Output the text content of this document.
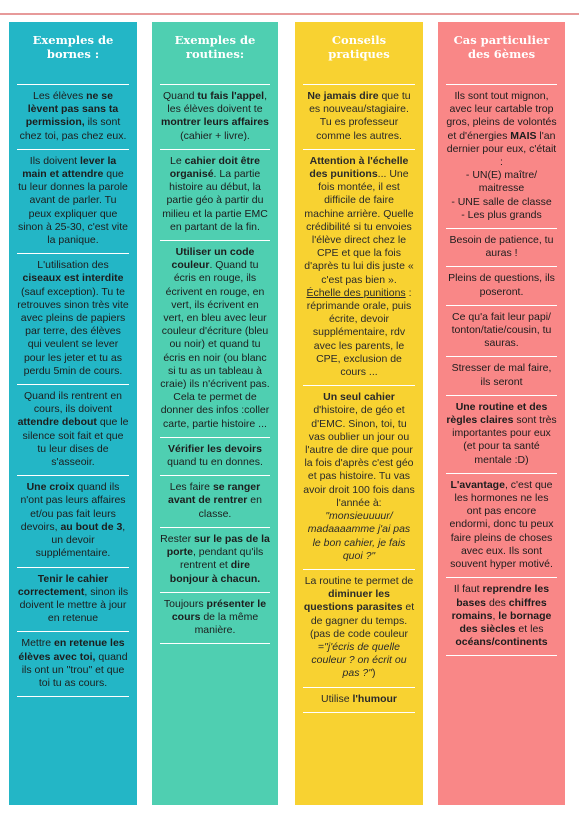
Exemples de bornes :
Les élèves ne se lèvent pas sans ta permission, ils sont chez toi, pas chez eux.
Ils doivent lever la main et attendre que tu leur donnes la parole avant de parler. Tu peux expliquer que sinon à 25-30, c'est vite la panique.
L'utilisation des ciseaux est interdite (sauf exception). Tu te retrouves sinon très vite avec pleins de papiers par terre, des élèves qui veulent se lever pour les jeter et tu as perdu 5min de cours.
Quand ils rentrent en cours, ils doivent attendre debout que le silence soit fait et que tu leur dises de s'asseoir.
Une croix quand ils n'ont pas leurs affaires et/ou pas fait leurs devoirs, au bout de 3, un devoir supplémentaire.
Tenir le cahier correctement, sinon ils doivent le mettre à jour en retenue
Mettre en retenue les élèves avec toi, quand ils ont un "trou" et que toi tu as cours.
Exemples de routines:
Quand tu fais l'appel, les élèves doivent te montrer leurs affaires (cahier + livre).
Le cahier doit être organisé. La partie histoire au début, la partie géo à partir du milieu et la partie EMC en partant de la fin.
Utiliser un code couleur. Quand tu écris en rouge, ils écrivent en rouge, en vert, ils écrivent en vert, en bleu avec leur couleur d'écriture (bleu ou noir) et quand tu écris en noir (ou blanc si tu as un tableau à craie) ils n'écrivent pas. Cela te permet de donner des infos :coller carte, partie histoire ...
Vérifier les devoirs quand tu en donnes.
Les faire se ranger avant de rentrer en classe.
Rester sur le pas de la porte, pendant qu'ils rentrent et dire bonjour à chacun.
Toujours présenter le cours de la même manière.
Conseils pratiques
Ne jamais dire que tu es nouveau/stagiaire. Tu es professeur comme les autres.
Attention à l'échelle des punitions... Une fois montée, il est difficile de faire machine arrière. Quelle crédibilité si tu envoies l'élève direct chez le CPE et que la fois d'après tu lui dis juste « c'est pas bien ». Échelle des punitions : réprimande orale, puis écrite, devoir supplémentaire, rdv avec les parents, le CPE, exclusion de cours ...
Un seul cahier d'histoire, de géo et d'EMC. Sinon, toi, tu vas oublier un jour ou l'autre de dire que pour la fois d'après c'est géo et pas histoire. Tu vas avoir droit 100 fois dans l'année à: "monsieuuuur/ madaaaamme j'ai pas le bon cahier, je fais quoi ?"
La routine te permet de diminuer les questions parasites et de gagner du temps. (pas de code couleur ="j'écris de quelle couleur ? on écrit ou pas ?")
Utilise l'humour
Cas particulier des 6èmes
Ils sont tout mignon, avec leur cartable trop gros, pleins de volontés et d'énergies MAIS l'an dernier pour eux, c'était :
- UN(E) maître/ maitresse
- UNE salle de classe
- Les plus grands
Besoin de patience, tu auras !
Pleins de questions, ils poseront.
Ce qu'a fait leur papi/ tonton/tatie/cousin, tu sauras.
Stresser de mal faire, ils seront
Une routine et des règles claires sont très importantes pour eux (et pour ta santé mentale :D)
L'avantage, c'est que les hormones ne les ont pas encore endormi, donc tu peux faire pleins de choses avec eux. Ils sont souvent hyper motivé.
Il faut reprendre les bases des chiffres romains, le bornage des siècles et les océans/continents
